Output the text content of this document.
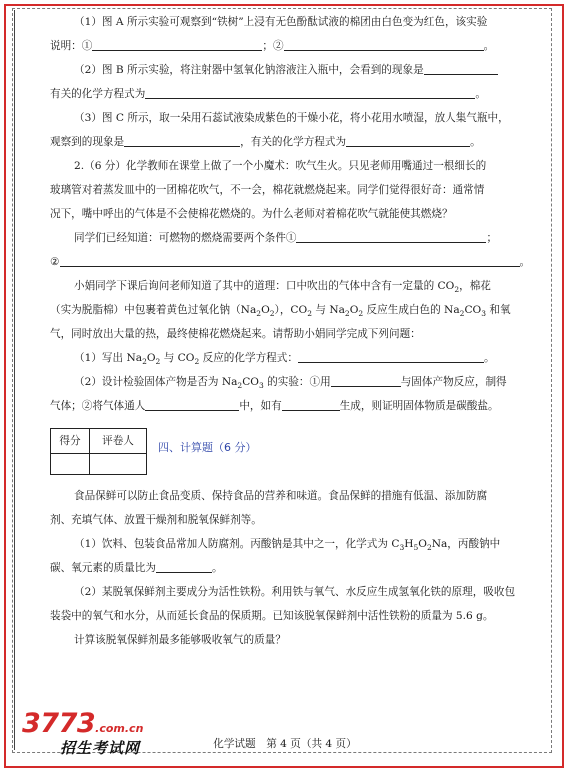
（1）图 A 所示实验可观察到“铁树”上浸有无色酚酞试液的棉团由白色变为红色，该实验
说明：①	；②	。
（2）图 B 所示实验，将注射器中氢氧化钠溶液注入瓶中，会看到的现象是
有关的化学方程式为	。
（3）图 C 所示，取一朵用石蕊试液染成紫色的干燥小花，将小花用水喷湿，放人集气瓶中，
观察到的现象是	，有关的化学方程式为	。
2.（6 分）化学教师在课堂上做了一个小魔术：吹气生火。只见老师用嘴通过一根细长的
玻璃管对着蒸发皿中的一团棉花吹气，不一会，棉花就燃烧起来。同学们觉得很好奇：通常情
况下，嘴中呼出的气体是不会使棉花燃烧的。为什么老师对着棉花吹气就能使其燃烧？
同学们已经知道：可燃物的燃烧需要两个条件①	；
②	。
小娟同学下课后询问老师知道了其中的道理：口中吹出的气体中含有一定量的 $CO_2$，棉花
（实为脱脂棉）中包裹着黄色过氧化钠$(Na_2O_2)$，$CO_2$ 与 $Na_2O_2$ 反应生成白色的 $Na_2CO_3$ 和氧
气，同时放出大量的热，最终使棉花燃烧起来。请帮助小娟同学完成下列问题：
（1）写出 $Na_2O_2$ 与 $CO_2$ 反应的化学方程式：	。
（2）设计检验固体产物是否为 $Na_2CO_3$ 的实验：①用	与固体产物反应，制得
气体；②将气体通人	中，如有	生成，则证明固体物质是碳酸盐。
得分	评卷人
	四、计算题（6 分）
食品保鲜可以防止食品变质、保持食品的营养和味道。食品保鲜的措施有低温、添加防腐
剂、充填气体、放置干燥剂和脱氧保鲜剂等。
（1）饮料、包装食品常加人防腐剂。丙酸钠是其中之一，化学式为 $C_3H_5O_2Na$，丙酸钠中
碳、氧元素的质量比为	。
（2）某脱氧保鲜剂主要成分为活性铁粉。利用铁与氧气、水反应生成氢氧化铁的原理，吸收包
装袋中的氧气和水分，从而延长食品的保质期。已知该脱氧保鲜剂中活性铁粉的质量为 5.6 g。
计算该脱氧保鲜剂最多能够吸收氧气的质量？
3773.com.cn
招生考试网	化学试题　第 4 页（共 4 页）
